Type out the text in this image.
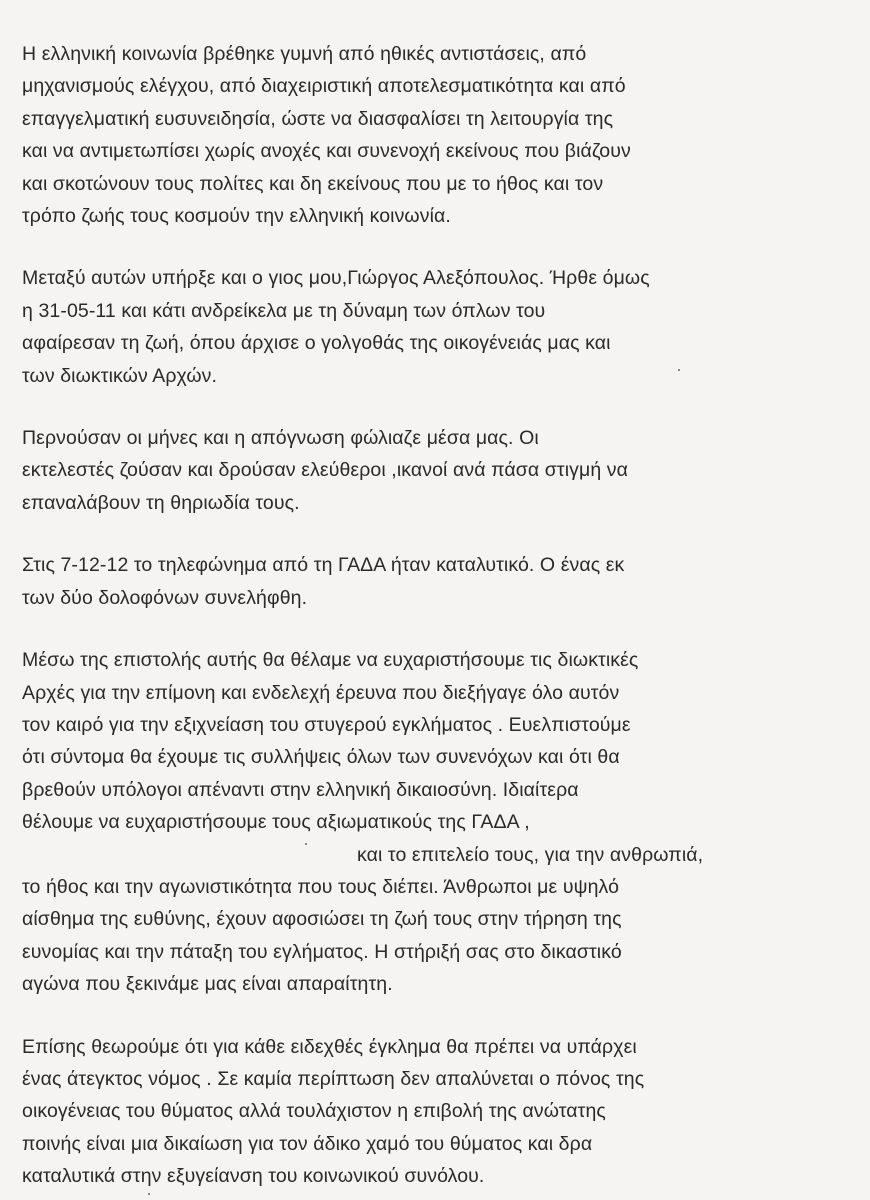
Η ελληνική κοινωνία βρέθηκε γυμνή από ηθικές αντιστάσεις, από
μηχανισμούς ελέγχου, από διαχειριστική αποτελεσματικότητα και από
επαγγελματική ευσυνειδησία, ώστε να διασφαλίσει τη λειτουργία της
και να αντιμετωπίσει χωρίς ανοχές και συνενοχή εκείνους που βιάζουν
και σκοτώνουν τους πολίτες και δη εκείνους που με το ήθος και τον
τρόπο ζωής τους κοσμούν την ελληνική κοινωνία.
Μεταξύ αυτών υπήρξε και ο γιος μου,Γιώργος Αλεξόπουλος. Ήρθε όμως
η 31-05-11 και κάτι ανδρείκελα με τη δύναμη των όπλων του
αφαίρεσαν τη ζωή, όπου άρχισε ο γολγοθάς της οικογένειάς μας και
των διωκτικών Αρχών.
Περνούσαν οι μήνες και η απόγνωση φώλιαζε μέσα μας. Οι
εκτελεστές ζούσαν και δρούσαν ελεύθεροι ,ικανοί ανά πάσα στιγμή να
επαναλάβουν τη θηριωδία τους.
Στις 7-12-12 το τηλεφώνημα από τη ΓΑΔΑ ήταν καταλυτικό. Ο ένας εκ
των δύο δολοφόνων συνελήφθη.
Μέσω της επιστολής αυτής θα θέλαμε να ευχαριστήσουμε τις διωκτικές
Αρχές για την επίμονη και ενδελεχή έρευνα που διεξήγαγε όλο αυτόν
τον καιρό για την εξιχνείαση του στυγερού εγκλήματος . Ευελπιστούμε
ότι σύντομα θα έχουμε τις συλλήψεις όλων των συνενόχων και ότι θα
βρεθούν υπόλογοι απέναντι στην ελληνική δικαιοσύνη. Ιδιαίτερα
θέλουμε να ευχαριστήσουμε τους αξιωματικούς της ΓΑΔΑ ,
και το επιτελείο τους, για την ανθρωπιά,
το ήθος και την αγωνιστικότητα που τους διέπει. Άνθρωποι με υψηλό
αίσθημα της ευθύνης, έχουν αφοσιώσει τη ζωή τους στην τήρηση της
ευνομίας και την πάταξη του εγλήματος. Η στήριξή σας στο δικαστικό
αγώνα που ξεκινάμε μας είναι απαραίτητη.
Επίσης θεωρούμε ότι για κάθε ειδεχθές έγκλημα θα πρέπει να υπάρχει
ένας άτεγκτος νόμος . Σε καμία περίπτωση δεν απαλύνεται ο πόνος της
οικογένειας του θύματος αλλά τουλάχιστον η επιβολή της ανώτατης
ποινής είναι μια δικαίωση για τον άδικο χαμό του θύματος και δρα
καταλυτικά στην εξυγείανση του κοινωνικού συνόλου.
